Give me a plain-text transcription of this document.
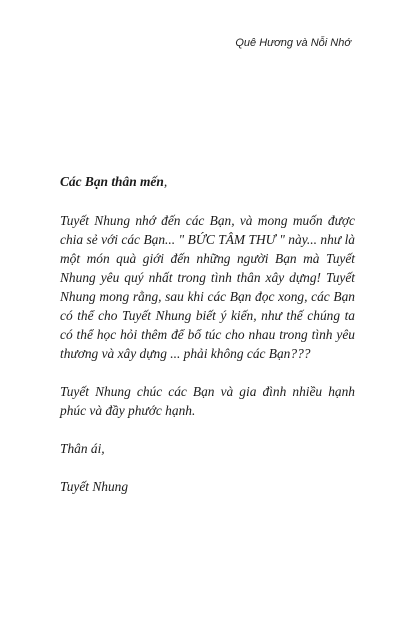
Quê Hương và Nỗi Nhớ

Các Bạn thân mến,

Tuyết Nhung nhớ đến các Bạn, và mong muốn được chia sẻ với các Bạn... " BỨC TÂM THƯ " này... như là một món quà giới đến những người Bạn mà Tuyết Nhung yêu quý nhất trong tình thân xây dựng! Tuyết Nhung mong rằng, sau khi các Bạn đọc xong, các Bạn có thể cho Tuyết Nhung biết ý kiến, như thế chúng ta có thể học hỏi thêm để bổ túc cho nhau trong tình yêu thương và xây dựng ... phải không các Bạn???

Tuyết Nhung chúc các Bạn và gia đình nhiều hạnh phúc và đầy phước hạnh.

Thân ái,

Tuyết Nhung
